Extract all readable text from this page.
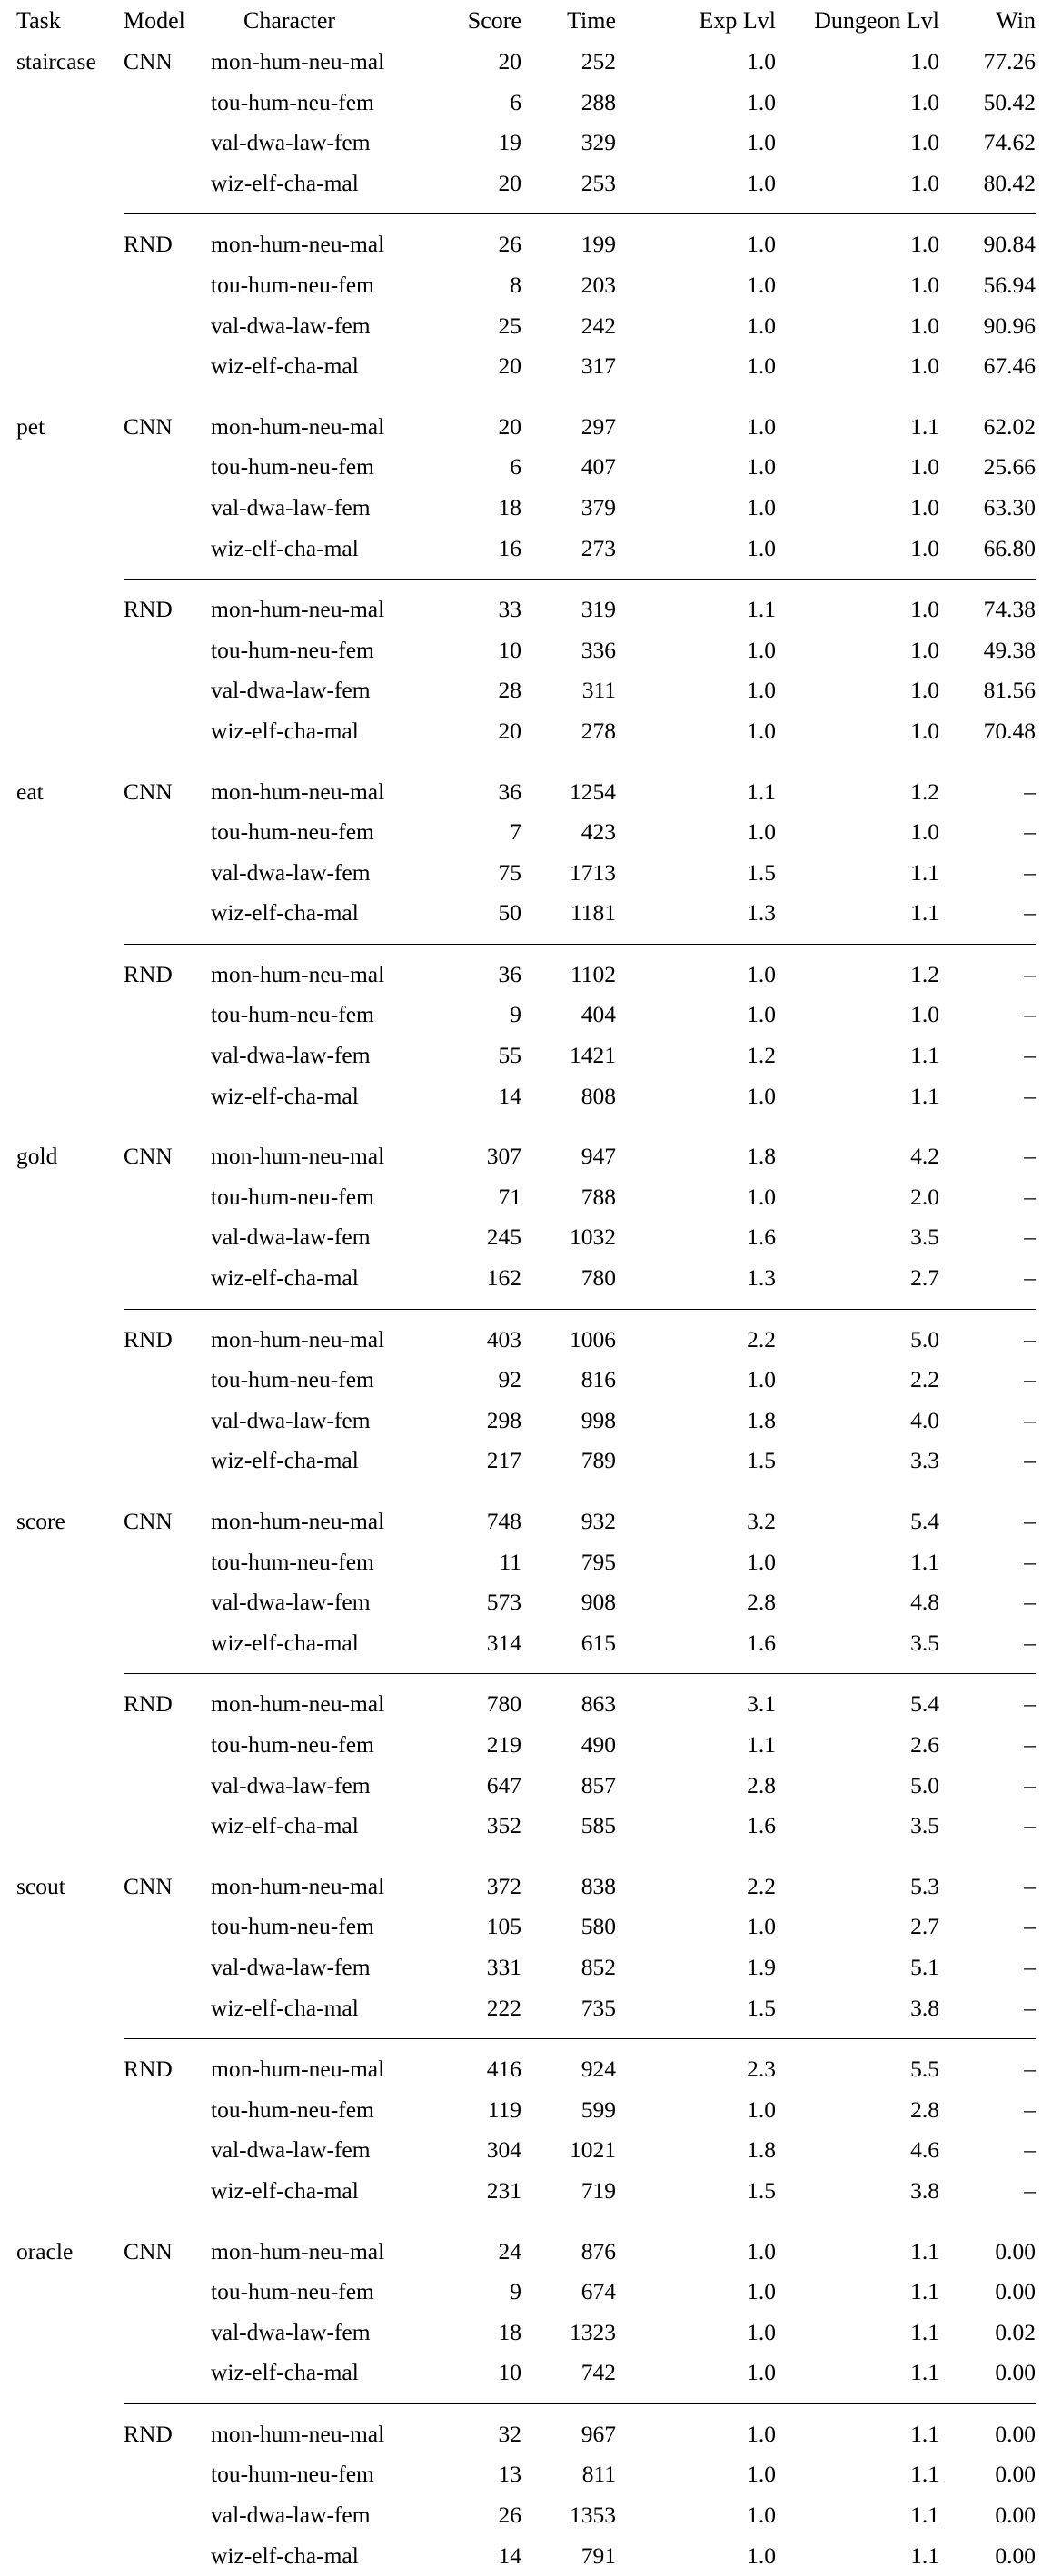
Task	Model	Character	Score	Time	Exp Lvl	Dungeon Lvl	Win

staircase	CNN	mon-hum-neu-mal	20	252	1.0	1.0	77.26
		tou-hum-neu-fem	6	288	1.0	1.0	50.42
		val-dwa-law-fem	19	329	1.0	1.0	74.62
		wiz-elf-cha-mal	20	253	1.0	1.0	80.42

	RND	mon-hum-neu-mal	26	199	1.0	1.0	90.84
		tou-hum-neu-fem	8	203	1.0	1.0	56.94
		val-dwa-law-fem	25	242	1.0	1.0	90.96
		wiz-elf-cha-mal	20	317	1.0	1.0	67.46

pet	CNN	mon-hum-neu-mal	20	297	1.0	1.1	62.02
		tou-hum-neu-fem	6	407	1.0	1.0	25.66
		val-dwa-law-fem	18	379	1.0	1.0	63.30
		wiz-elf-cha-mal	16	273	1.0	1.0	66.80

	RND	mon-hum-neu-mal	33	319	1.1	1.0	74.38
		tou-hum-neu-fem	10	336	1.0	1.0	49.38
		val-dwa-law-fem	28	311	1.0	1.0	81.56
		wiz-elf-cha-mal	20	278	1.0	1.0	70.48

eat	CNN	mon-hum-neu-mal	36	1254	1.1	1.2	–
		tou-hum-neu-fem	7	423	1.0	1.0	–
		val-dwa-law-fem	75	1713	1.5	1.1	–
		wiz-elf-cha-mal	50	1181	1.3	1.1	–

	RND	mon-hum-neu-mal	36	1102	1.0	1.2	–
		tou-hum-neu-fem	9	404	1.0	1.0	–
		val-dwa-law-fem	55	1421	1.2	1.1	–
		wiz-elf-cha-mal	14	808	1.0	1.1	–

gold	CNN	mon-hum-neu-mal	307	947	1.8	4.2	–
		tou-hum-neu-fem	71	788	1.0	2.0	–
		val-dwa-law-fem	245	1032	1.6	3.5	–
		wiz-elf-cha-mal	162	780	1.3	2.7	–

	RND	mon-hum-neu-mal	403	1006	2.2	5.0	–
		tou-hum-neu-fem	92	816	1.0	2.2	–
		val-dwa-law-fem	298	998	1.8	4.0	–
		wiz-elf-cha-mal	217	789	1.5	3.3	–

score	CNN	mon-hum-neu-mal	748	932	3.2	5.4	–
		tou-hum-neu-fem	11	795	1.0	1.1	–
		val-dwa-law-fem	573	908	2.8	4.8	–
		wiz-elf-cha-mal	314	615	1.6	3.5	–

	RND	mon-hum-neu-mal	780	863	3.1	5.4	–
		tou-hum-neu-fem	219	490	1.1	2.6	–
		val-dwa-law-fem	647	857	2.8	5.0	–
		wiz-elf-cha-mal	352	585	1.6	3.5	–

scout	CNN	mon-hum-neu-mal	372	838	2.2	5.3	–
		tou-hum-neu-fem	105	580	1.0	2.7	–
		val-dwa-law-fem	331	852	1.9	5.1	–
		wiz-elf-cha-mal	222	735	1.5	3.8	–

	RND	mon-hum-neu-mal	416	924	2.3	5.5	–
		tou-hum-neu-fem	119	599	1.0	2.8	–
		val-dwa-law-fem	304	1021	1.8	4.6	–
		wiz-elf-cha-mal	231	719	1.5	3.8	–

oracle	CNN	mon-hum-neu-mal	24	876	1.0	1.1	0.00
		tou-hum-neu-fem	9	674	1.0	1.1	0.00
		val-dwa-law-fem	18	1323	1.0	1.1	0.02
		wiz-elf-cha-mal	10	742	1.0	1.1	0.00

	RND	mon-hum-neu-mal	32	967	1.0	1.1	0.00
		tou-hum-neu-fem	13	811	1.0	1.1	0.00
		val-dwa-law-fem	26	1353	1.0	1.1	0.00
		wiz-elf-cha-mal	14	791	1.0	1.1	0.00
